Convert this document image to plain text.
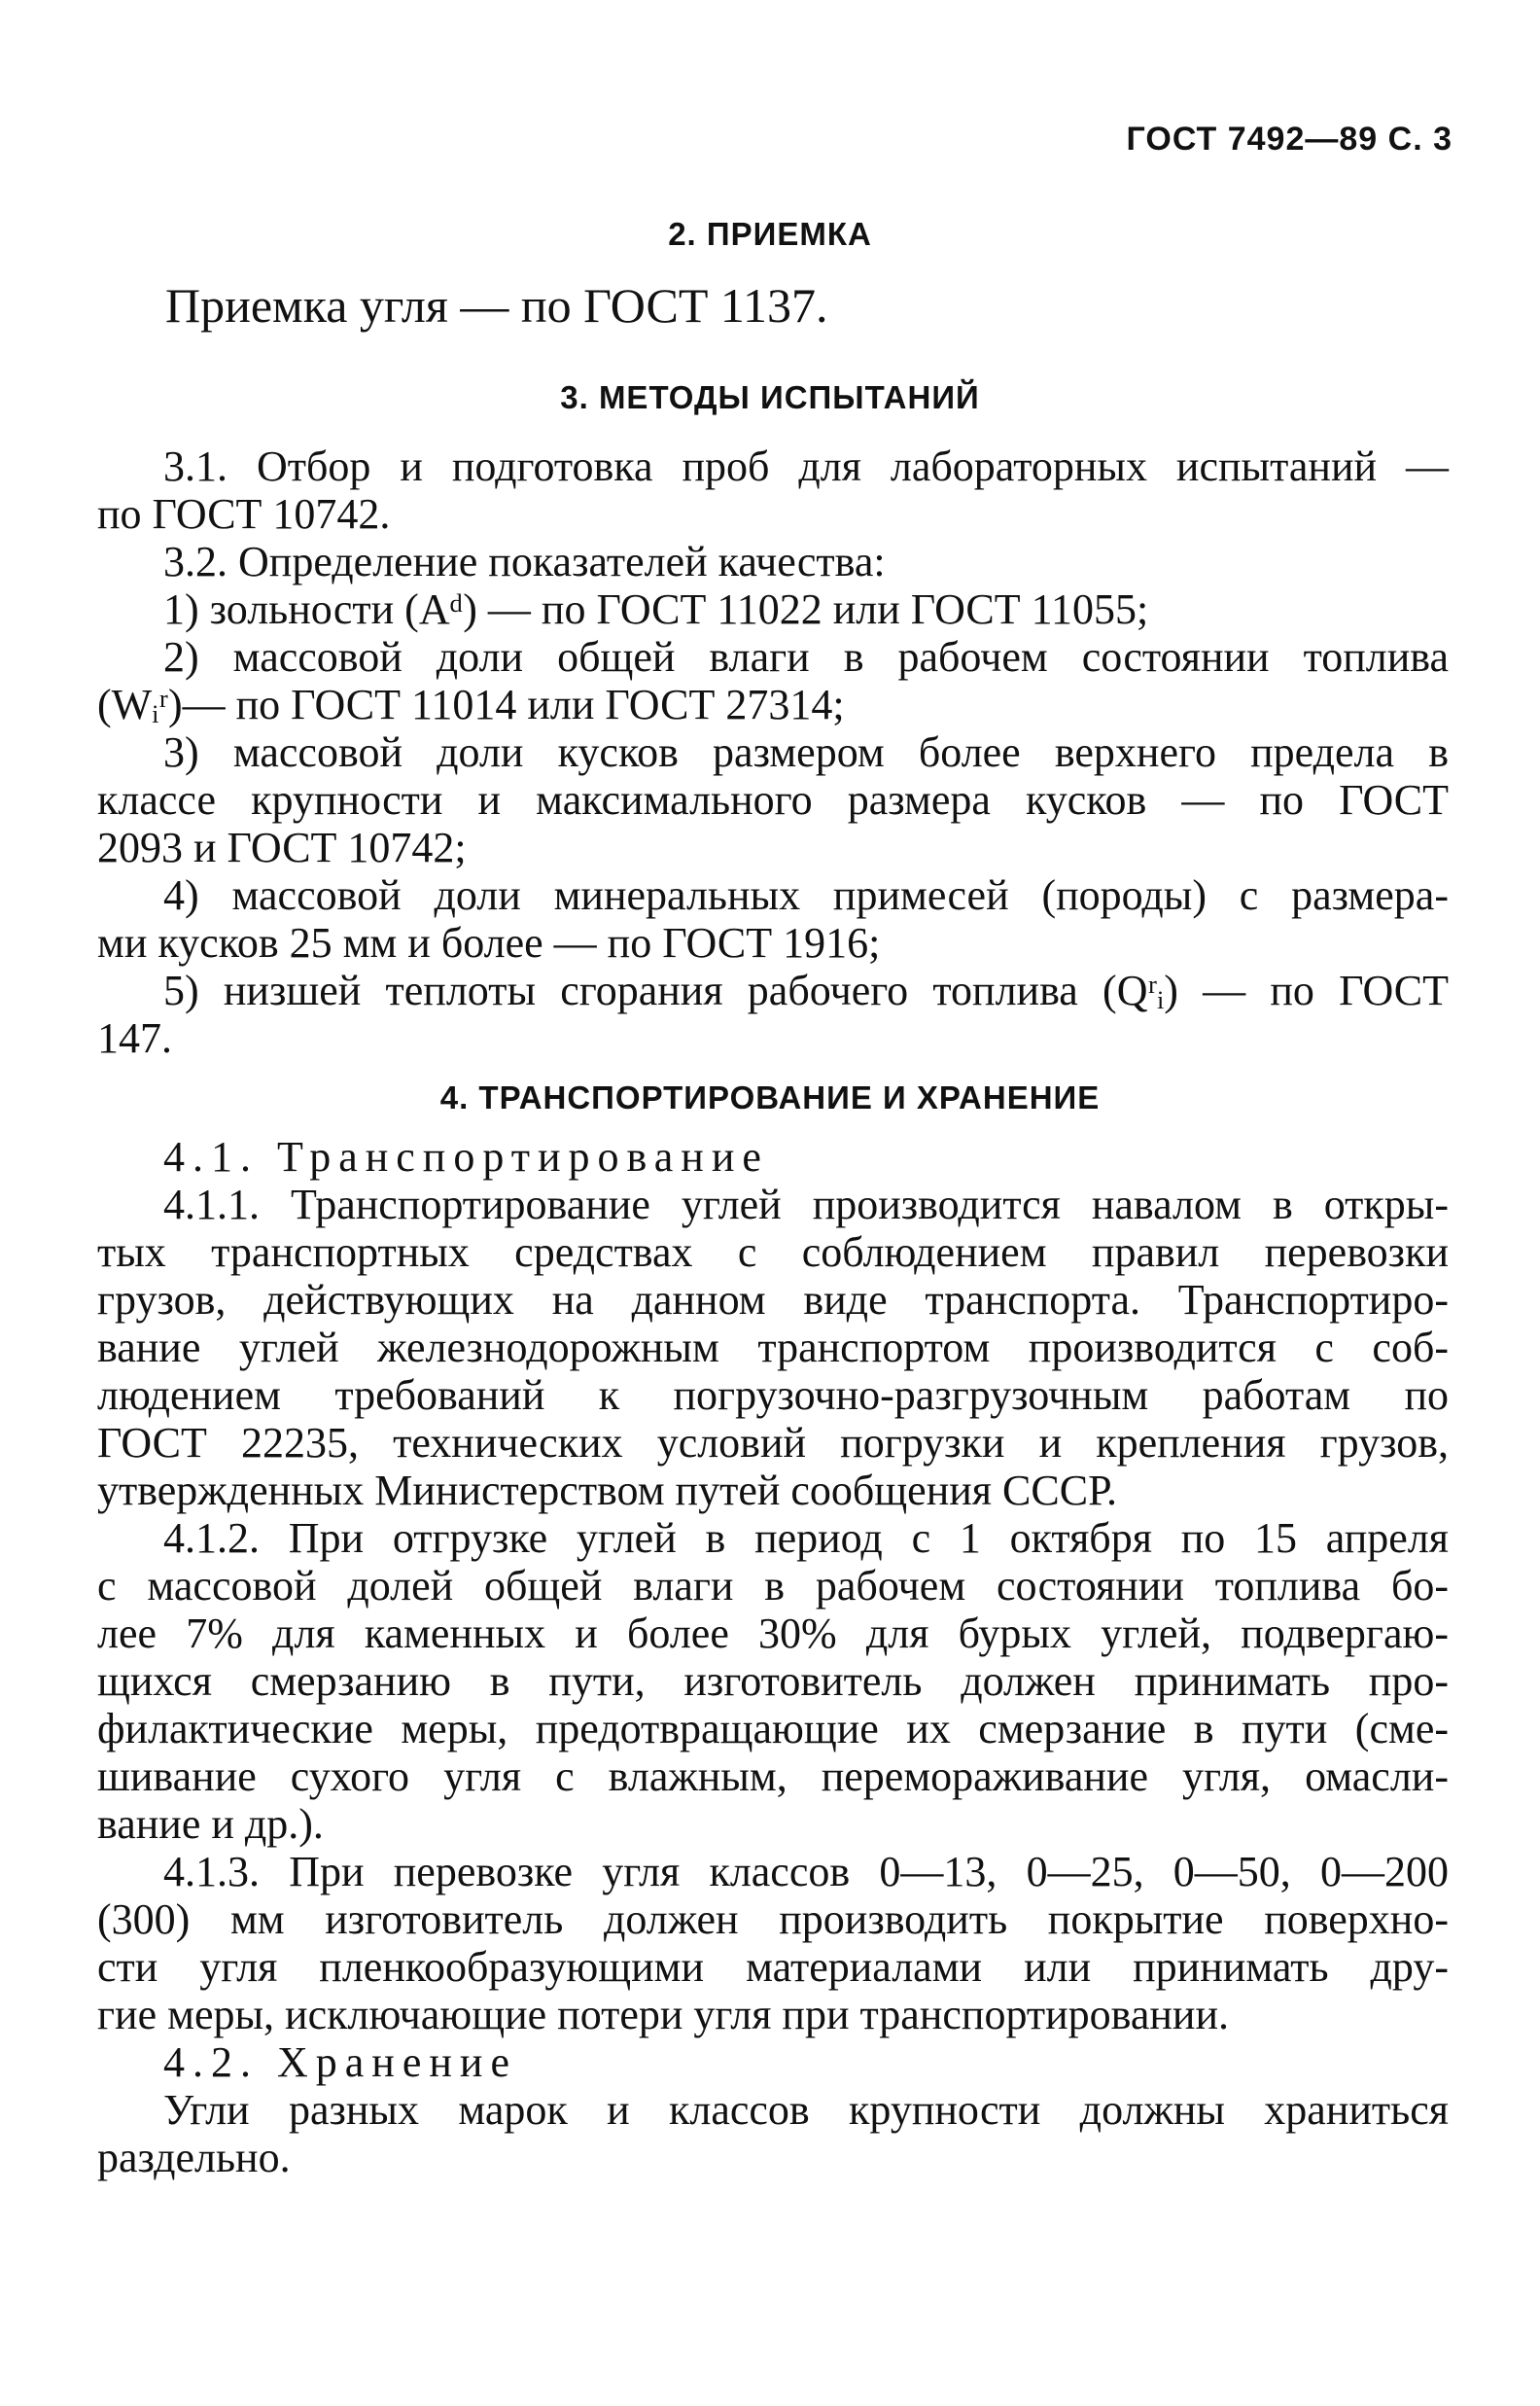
ГОСТ 7492—89 С. 3
2. ПРИЕМКА
Приемка угля — по ГОСТ 1137.
3. МЕТОДЫ ИСПЫТАНИЙ
3.1. Отбор и подготовка проб для лабораторных испытаний —
по ГОСТ 10742.
3.2. Определение показателей качества:
1) зольности (Aᵈ) — по ГОСТ 11022 или ГОСТ 11055;
2) массовой доли общей влаги в рабочем состоянии топлива
(Wᵢʳ)— по ГОСТ 11014 или ГОСТ 27314;
3) массовой доли кусков размером более верхнего предела в
классе крупности и максимального размера кусков — по ГОСТ
2093 и ГОСТ 10742;
4) массовой доли минеральных примесей (породы) с размера-
ми кусков 25 мм и более — по ГОСТ 1916;
5) низшей теплоты сгорания рабочего топлива (Qʳᵢ) — по ГОСТ
147.
4. ТРАНСПОРТИРОВАНИЕ И ХРАНЕНИЕ
4.1. Транспортирование
4.1.1. Транспортирование углей производится навалом в откры-
тых транспортных средствах с соблюдением правил перевозки
грузов, действующих на данном виде транспорта. Транспортиро-
вание углей железнодорожным транспортом производится с соб-
людением требований к погрузочно-разгрузочным работам по
ГОСТ 22235, технических условий погрузки и крепления грузов,
утвержденных Министерством путей сообщения СССР.
4.1.2. При отгрузке углей в период с 1 октября по 15 апреля
с массовой долей общей влаги в рабочем состоянии топлива бо-
лее 7% для каменных и более 30% для бурых углей, подвергаю-
щихся смерзанию в пути, изготовитель должен принимать про-
филактические меры, предотвращающие их смерзание в пути (сме-
шивание сухого угля с влажным, перемораживание угля, омасли-
вание и др.).
4.1.3. При перевозке угля классов 0—13, 0—25, 0—50, 0—200
(300) мм изготовитель должен производить покрытие поверхно-
сти угля пленкообразующими материалами или принимать дру-
гие меры, исключающие потери угля при транспортировании.
4.2. Хранение
Угли разных марок и классов крупности должны храниться
раздельно.
